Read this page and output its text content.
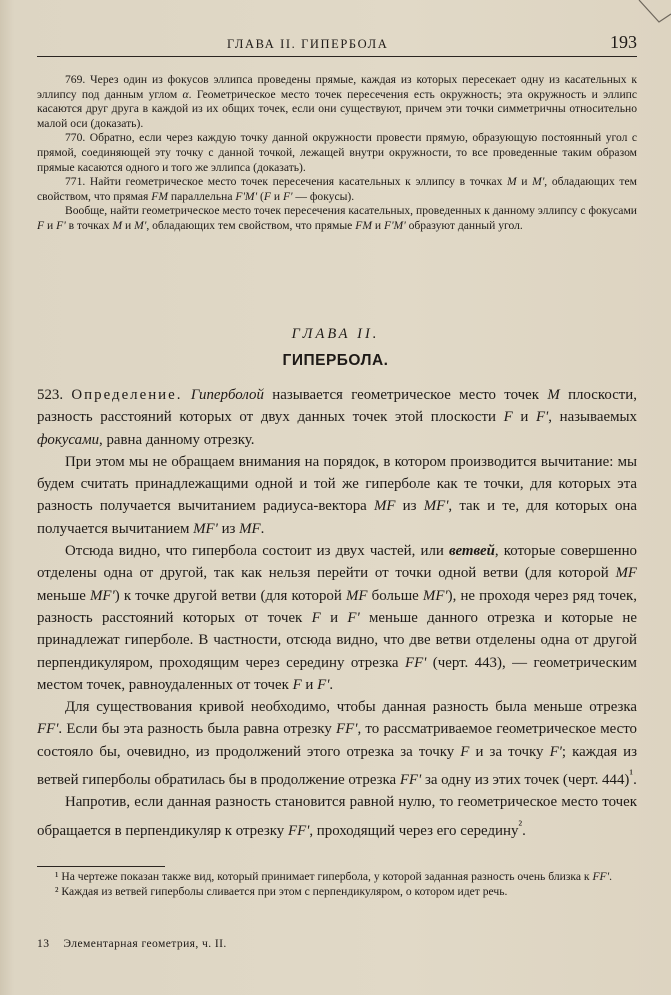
ГЛАВА II. ГИПЕРБОЛА	193

769. Через один из фокусов эллипса проведены прямые, каждая из которых пересекает одну из касательных к эллипсу под данным углом α. Геометрическое место точек пересечения есть окружность; эта окружность и эллипс касаются друг друга в каждой из их общих точек, если они существуют, причем эти точки симметричны относительно малой оси (доказать).

770. Обратно, если через каждую точку данной окружности провести прямую, образующую постоянный угол с прямой, соединяющей эту точку с данной точкой, лежащей внутри окружности, то все проведенные таким образом прямые касаются одного и того же эллипса (доказать).

771. Найти геометрическое место точек пересечения касательных к эллипсу в точках M и M', обладающих тем свойством, что прямая FM параллельна F'M' (F и F' — фокусы).

Вообще, найти геометрическое место точек пересечения касательных, проведенных к данному эллипсу с фокусами F и F' в точках M и M', обладающих тем свойством, что прямые FM и F'M' образуют данный угол.

ГЛАВА II.
ГИПЕРБОЛА.

523. Определение. Гиперболой называется геометрическое место точек M плоскости, разность расстояний которых от двух данных точек этой плоскости F и F', называемых фокусами, равна данному отрезку.

При этом мы не обращаем внимания на порядок, в котором производится вычитание: мы будем считать принадлежащими одной и той же гиперболе как те точки, для которых эта разность получается вычитанием радиуса-вектора MF из MF', так и те, для которых она получается вычитанием MF' из MF.

Отсюда видно, что гипербола состоит из двух частей, или ветвей, которые совершенно отделены одна от другой, так как нельзя перейти от точки одной ветви (для которой MF меньше MF') к точке другой ветви (для которой MF больше MF'), не проходя через ряд точек, разность расстояний которых от точек F и F' меньше данного отрезка и которые не принадлежат гиперболе. В частности, отсюда видно, что две ветви отделены одна от другой перпендикуляром, проходящим через середину отрезка FF' (черт. 443), — геометрическим местом точек, равноудаленных от точек F и F'.

Для существования кривой необходимо, чтобы данная разность была меньше отрезка FF'. Если бы эта разность была равна отрезку FF', то рассматриваемое геометрическое место состояло бы, очевидно, из продолжений этого отрезка за точку F и за точку F'; каждая из ветвей гиперболы обратилась бы в продолжение отрезка FF' за одну из этих точек (черт. 444)$^{^1}$.

Напротив, если данная разность становится равной нулю, то геометрическое место точек обращается в перпендикуляр к отрезку FF', проходящий через его середину$^{^2}$.

¹ На чертеже показан также вид, который принимает гипербола, у которой заданная разность очень близка к FF'.

² Каждая из ветвей гиперболы сливается при этом с перпендикуляром, о котором идет речь.

13 Элементарная геометрия, ч. II.
